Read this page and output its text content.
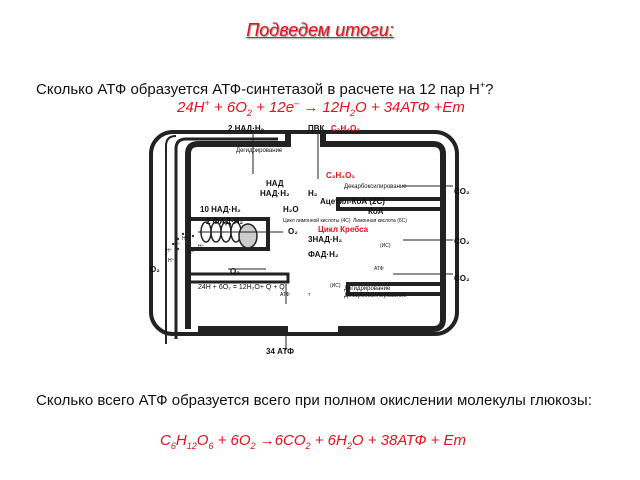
Подведем итоги:
Сколько АТФ образуется АТФ-синтетазой в расчете на 12 пар H+?
$24H^+ + 6O_2 + 12e^- \to 12H_2O + 34АТФ +Eт$
2 $НАД\cdot H_2$	ПВК C₃H₄O₃
Дегидрирование
C₃H₄O₃
НАД
НАД·H₂ H₂
Декарбоксилирование	CO₂
Ацетил-КоА (2C)
H₂O	КоА
10 НАД·H₂
2 ФАД·H₂	Цикл лимонной кислоты (4С) Лимонная кислота (6С)
O₂	Цикл Кребса
3НАД·H₂	CO₂
(ИС)
ФАД·H₂
АТФ
O₂	O₂
(ИС) Дегидрирование
Декарбоксилирование
CO₂
24H + 6O₂ = 12H₂O+ Q + Q
АТФ	т
34 АТФ
H⁺
H⁺
H⁺
H⁺
H⁺
H⁺
Сколько всего АТФ образуется всего при полном окислении молекулы глюкозы:
$C_6H_{12}O_6 + 6O_2 \to 6CO_2 + 6H_2O + 38АТФ$ + Eт
